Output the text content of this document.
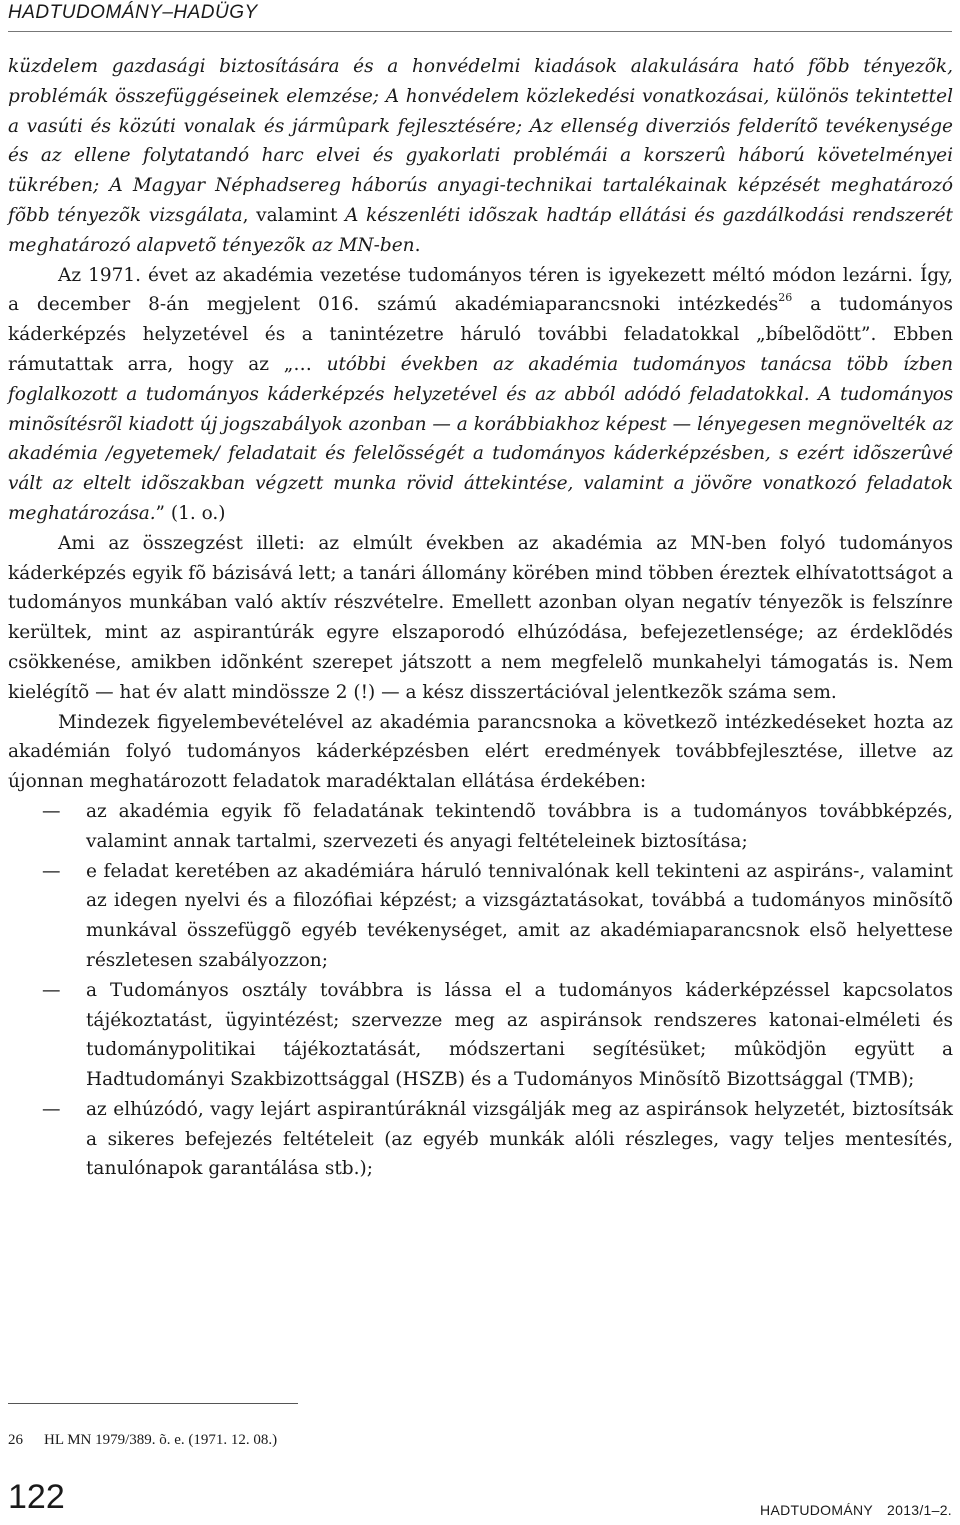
HADTUDOMÁNY–HADÜGY

küzdelem gazdasági biztosítására és a honvédelmi kiadások alakulására ható fõbb tényezõk, problémák összefüggéseinek elemzése; A honvédelem közlekedési vonatkozásai, különös tekintettel a vasúti és közúti vonalak és jármûpark fejlesztésére; Az ellenség diverziós felderítõ tevékenysége és az ellene folytatandó harc elvei és gyakorlati problémái a korszerû háború követelményei tükrében; A Magyar Néphadsereg háborús anyagi-technikai tartalékainak képzését meghatározó fõbb tényezõk vizsgálata, valamint A készenléti idõszak hadtáp ellátási és gazdálkodási rendszerét meghatározó alapvetõ tényezõk az MN-ben.

Az 1971. évet az akadémia vezetése tudományos téren is igyekezett méltó módon lezárni. Így, a december 8-án megjelent 016. számú akadémiaparancsnoki intézkedés$^{26}$ a tudományos káderképzés helyzetével és a tanintézetre háruló további feladatokkal „bíbelõdött”. Ebben rámutattak arra, hogy az „… utóbbi években az akadémia tudományos tanácsa több ízben foglalkozott a tudományos káderképzés helyzetével és az abból adódó feladatokkal. A tudományos minõsítésrõl kiadott új jogszabályok azonban — a korábbiakhoz képest — lényegesen megnövelték az akadémia /egyetemek/ feladatait és felelõsségét a tudományos káderképzésben, s ezért idõszerûvé vált az eltelt idõszakban végzett munka rövid áttekintése, valamint a jövõre vonatkozó feladatok meghatározása.” (1. o.)

Ami az összegzést illeti: az elmúlt években az akadémia az MN-ben folyó tudományos káderképzés egyik fõ bázisává lett; a tanári állomány körében mind többen éreztek elhívatottságot a tudományos munkában való aktív részvételre. Emellett azonban olyan negatív tényezõk is felszínre kerültek, mint az aspirantúrák egyre elszaporodó elhúzódása, befejezetlensége; az érdeklõdés csökkenése, amikben idõnként szerepet játszott a nem megfelelõ munkahelyi támogatás is. Nem kielégítõ — hat év alatt mindössze 2 (!) — a kész disszertációval jelentkezõk száma sem.

Mindezek figyelembevételével az akadémia parancsnoka a következõ intézkedéseket hozta az akadémián folyó tudományos káderképzésben elért eredmények továbbfejlesztése, illetve az újonnan meghatározott feladatok maradéktalan ellátása érdekében:

— az akadémia egyik fõ feladatának tekintendõ továbbra is a tudományos továbbképzés, valamint annak tartalmi, szervezeti és anyagi feltételeinek biztosítása;
— e feladat keretében az akadémiára háruló tennivalónak kell tekinteni az aspiráns-, valamint az idegen nyelvi és a filozófiai képzést; a vizsgáztatásokat, továbbá a tudományos minõsítõ munkával összefüggõ egyéb tevékenységet, amit az akadémiaparancsnok elsõ helyettese részletesen szabályozzon;
— a Tudományos osztály továbbra is lássa el a tudományos káderképzéssel kapcsolatos tájékoztatást, ügyintézést; szervezze meg az aspiránsok rendszeres katonai-elméleti és tudománypolitikai tájékoztatását, módszertani segítésüket; mûködjön együtt a Hadtudományi Szakbizottsággal (HSZB) és a Tudományos Minõsítõ Bizottsággal (TMB);
— az elhúzódó, vagy lejárt aspirantúráknál vizsgálják meg az aspiránsok helyzetét, biztosítsák a sikeres befejezés feltételeit (az egyéb munkák alóli részleges, vagy teljes mentesítés, tanulónapok garantálása stb.);
26 HL MN 1979/389. õ. e. (1971. 12. 08.)
122	HADTUDOMÁNY 2013/1–2.
